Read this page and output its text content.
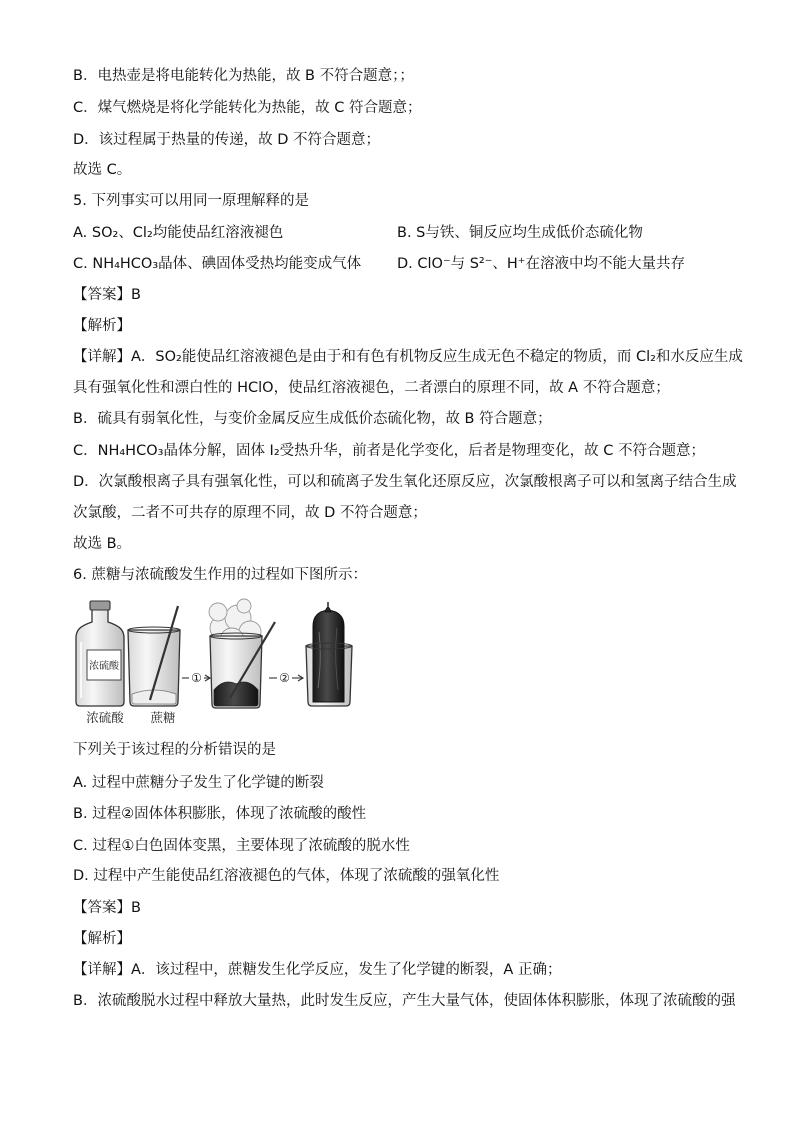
B．电热壶是将电能转化为热能，故 B 不符合题意；；
C．煤气燃烧是将化学能转化为热能，故 C 符合题意；
D．该过程属于热量的传递，故 D 不符合题意；
故选 C。
5. 下列事实可以用同一原理解释的是
A. SO₂、Cl₂均能使品红溶液褪色	B. S与铁、铜反应均生成低价态硫化物
C. NH₄HCO₃晶体、碘固体受热均能变成气体 D. ClO⁻与 S²⁻、H⁺在溶液中均不能大量共存
【答案】B
【解析】
【详解】A．SO₂能使品红溶液褪色是由于和有色有机物反应生成无色不稳定的物质，而 Cl₂和水反应生成
具有强氧化性和漂白性的 HClO，使品红溶液褪色，二者漂白的原理不同，故 A 不符合题意；
B．硫具有弱氧化性，与变价金属反应生成低价态硫化物，故 B 符合题意；
C．NH₄HCO₃晶体分解，固体 I₂受热升华，前者是化学变化，后者是物理变化，故 C 不符合题意；
D．次氯酸根离子具有强氧化性，可以和硫离子发生氧化还原反应，次氯酸根离子可以和氢离子结合生成
次氯酸，二者不可共存的原理不同，故 D 不符合题意；
故选 B。
6. 蔗糖与浓硫酸发生作用的过程如下图所示：
浓硫酸
①	②
浓硫酸 蔗糖
下列关于该过程的分析错误的是
A. 过程中蔗糖分子发生了化学键的断裂
B. 过程②固体体积膨胀，体现了浓硫酸的酸性
C. 过程①白色固体变黑，主要体现了浓硫酸的脱水性
D. 过程中产生能使品红溶液褪色的气体，体现了浓硫酸的强氧化性
【答案】B
【解析】
【详解】A．该过程中，蔗糖发生化学反应，发生了化学键的断裂，A 正确；
B．浓硫酸脱水过程中释放大量热，此时发生反应，产生大量气体，使固体体积膨胀，体现了浓硫酸的强
